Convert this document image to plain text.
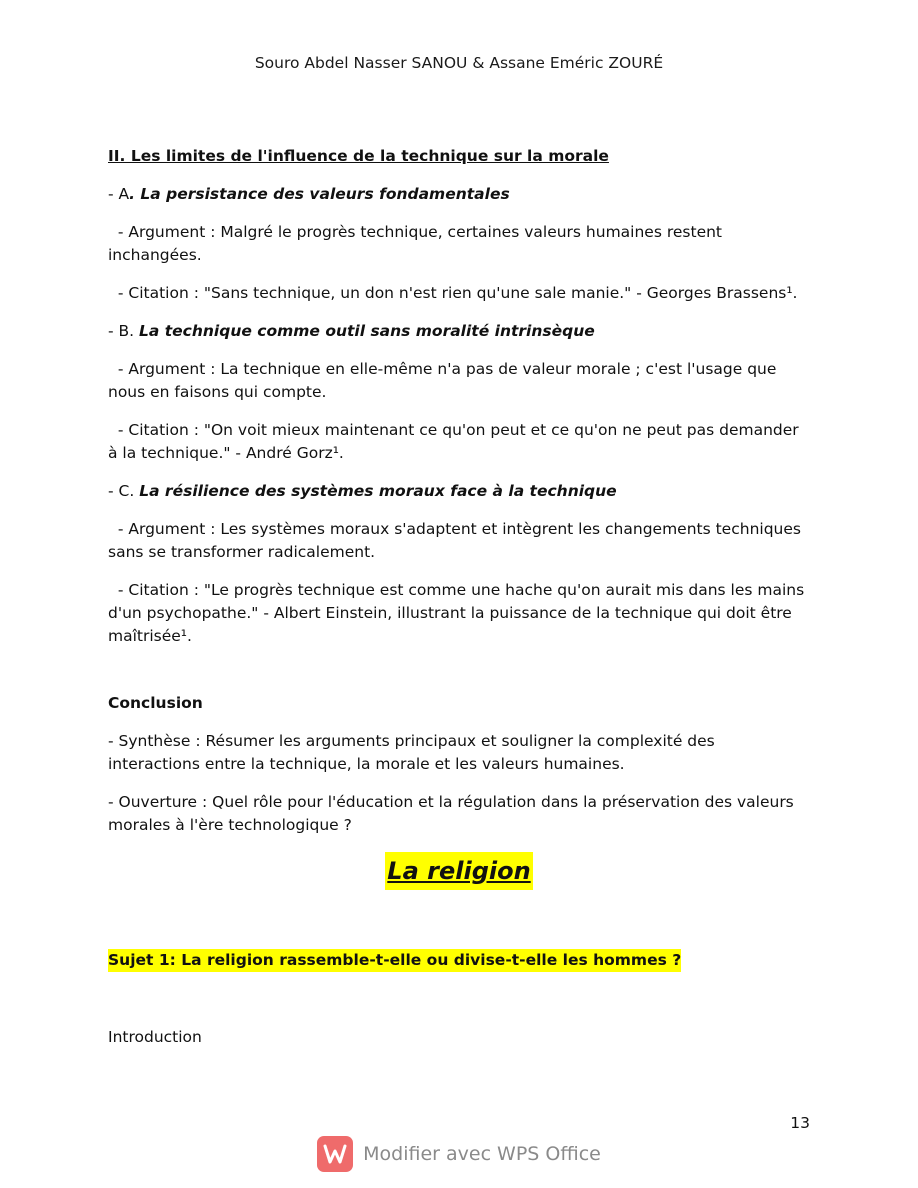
Souro Abdel Nasser SANOU & Assane Eméric ZOURÉ

II. Les limites de l'influence de la technique sur la morale

- A. La persistance des valeurs fondamentales

- Argument : Malgré le progrès technique, certaines valeurs humaines restent inchangées.

- Citation : "Sans technique, un don n'est rien qu'une sale manie." - Georges Brassens¹.

- B. La technique comme outil sans moralité intrinsèque

- Argument : La technique en elle-même n'a pas de valeur morale ; c'est l'usage que nous en faisons qui compte.

- Citation : "On voit mieux maintenant ce qu'on peut et ce qu'on ne peut pas demander à la technique." - André Gorz¹.

- C. La résilience des systèmes moraux face à la technique

- Argument : Les systèmes moraux s'adaptent et intègrent les changements techniques sans se transformer radicalement.

- Citation : "Le progrès technique est comme une hache qu'on aurait mis dans les mains d'un psychopathe." - Albert Einstein, illustrant la puissance de la technique qui doit être maîtrisée¹.

Conclusion

- Synthèse : Résumer les arguments principaux et souligner la complexité des interactions entre la technique, la morale et les valeurs humaines.

- Ouverture : Quel rôle pour l'éducation et la régulation dans la préservation des valeurs morales à l'ère technologique ?

La religion
Sujet 1: La religion rassemble-t-elle ou divise-t-elle les hommes ?
Introduction
13
Modifier avec WPS Office
